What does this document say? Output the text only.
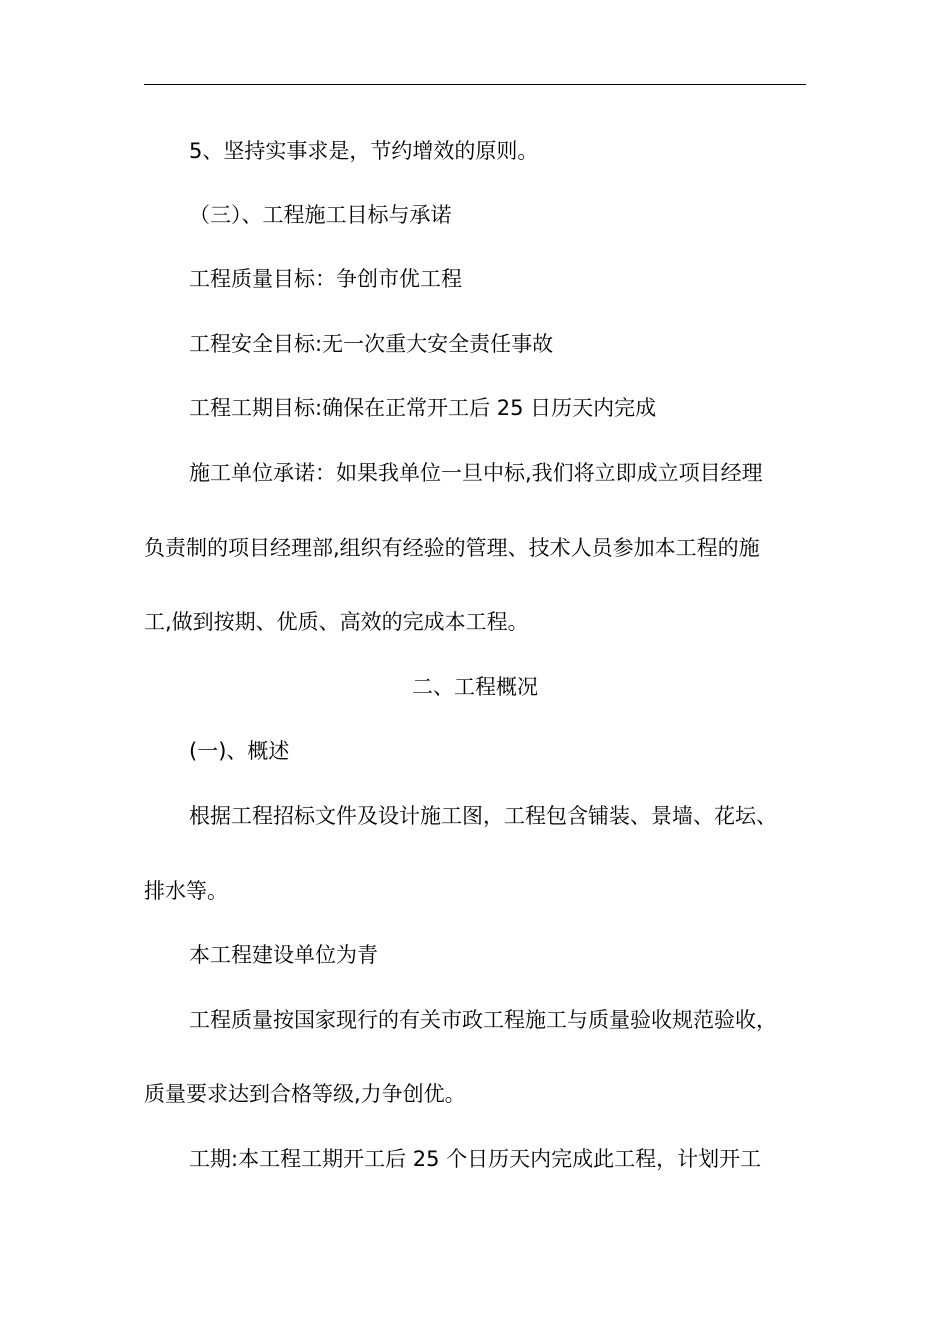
5、坚持实事求是，节约增效的原则。
（三）、工程施工目标与承诺
工程质量目标：争创市优工程
工程安全目标:无一次重大安全责任事故
工程工期目标:确保在正常开工后 25 日历天内完成
施工单位承诺：如果我单位一旦中标,我们将立即成立项目经理
负责制的项目经理部,组织有经验的管理、技术人员参加本工程的施
工,做到按期、优质、高效的完成本工程。
二、工程概况
(一)、概述
根据工程招标文件及设计施工图，工程包含铺装、景墙、花坛、
排水等。
本工程建设单位为青
工程质量按国家现行的有关市政工程施工与质量验收规范验收，
质量要求达到合格等级,力争创优。
工期:本工程工期开工后 25 个日历天内完成此工程，计划开工
